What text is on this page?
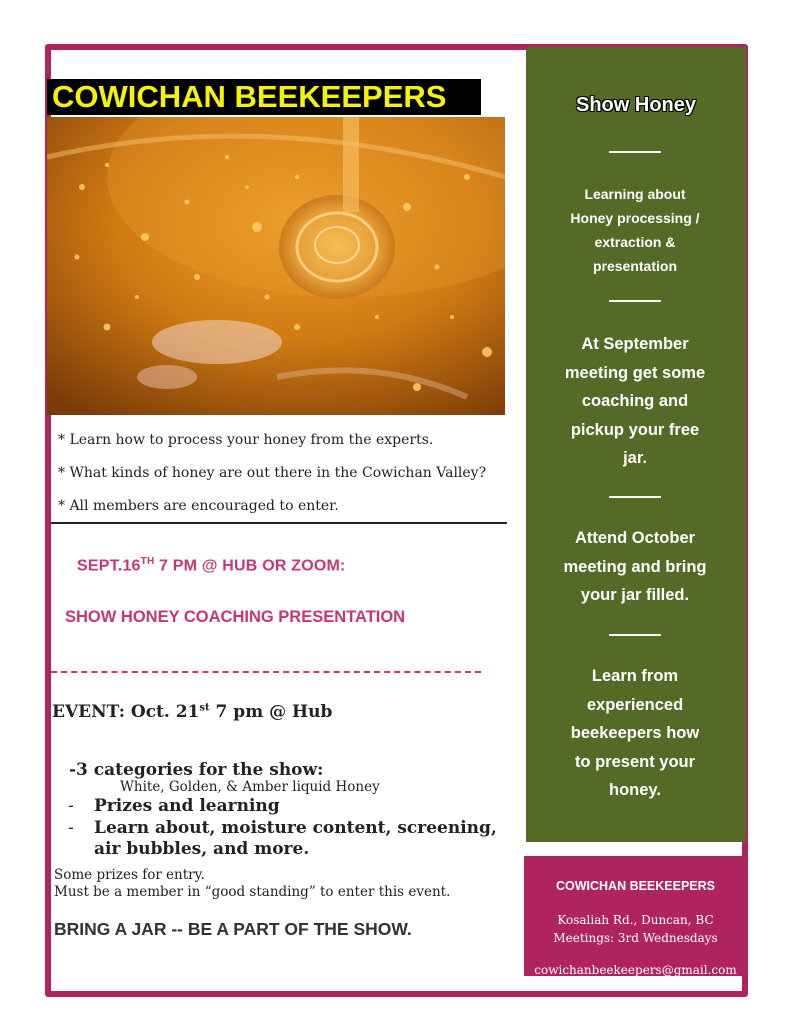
COWICHAN BEEKEEPERS
* Learn how to process your honey from the experts.
* What kinds of honey are out there in the Cowichan Valley?
* All members are encouraged to enter.
SEPT.16TH 7 PM @ HUB OR ZOOM:
SHOW HONEY COACHING PRESENTATION
EVENT: Oct. 21st 7 pm @ Hub
-3 categories for the show:
White, Golden, & Amber liquid Honey
- Prizes and learning
- Learn about, moisture content, screening,
air bubbles, and more.
Some prizes for entry.
Must be a member in “good standing” to enter this event.
BRING A JAR -- BE A PART OF THE SHOW.
Show Honey
Learning about
Honey processing /
extraction &
presentation
At September
meeting get some
coaching and
pickup your free
jar.
Attend October
meeting and bring
your jar filled.
Learn from
experienced
beekeepers how
to present your
honey.
COWICHAN BEEKEEPERS
Kosaliah Rd., Duncan, BC
Meetings: 3rd Wednesdays
cowichanbeekeepers@gmail.com
